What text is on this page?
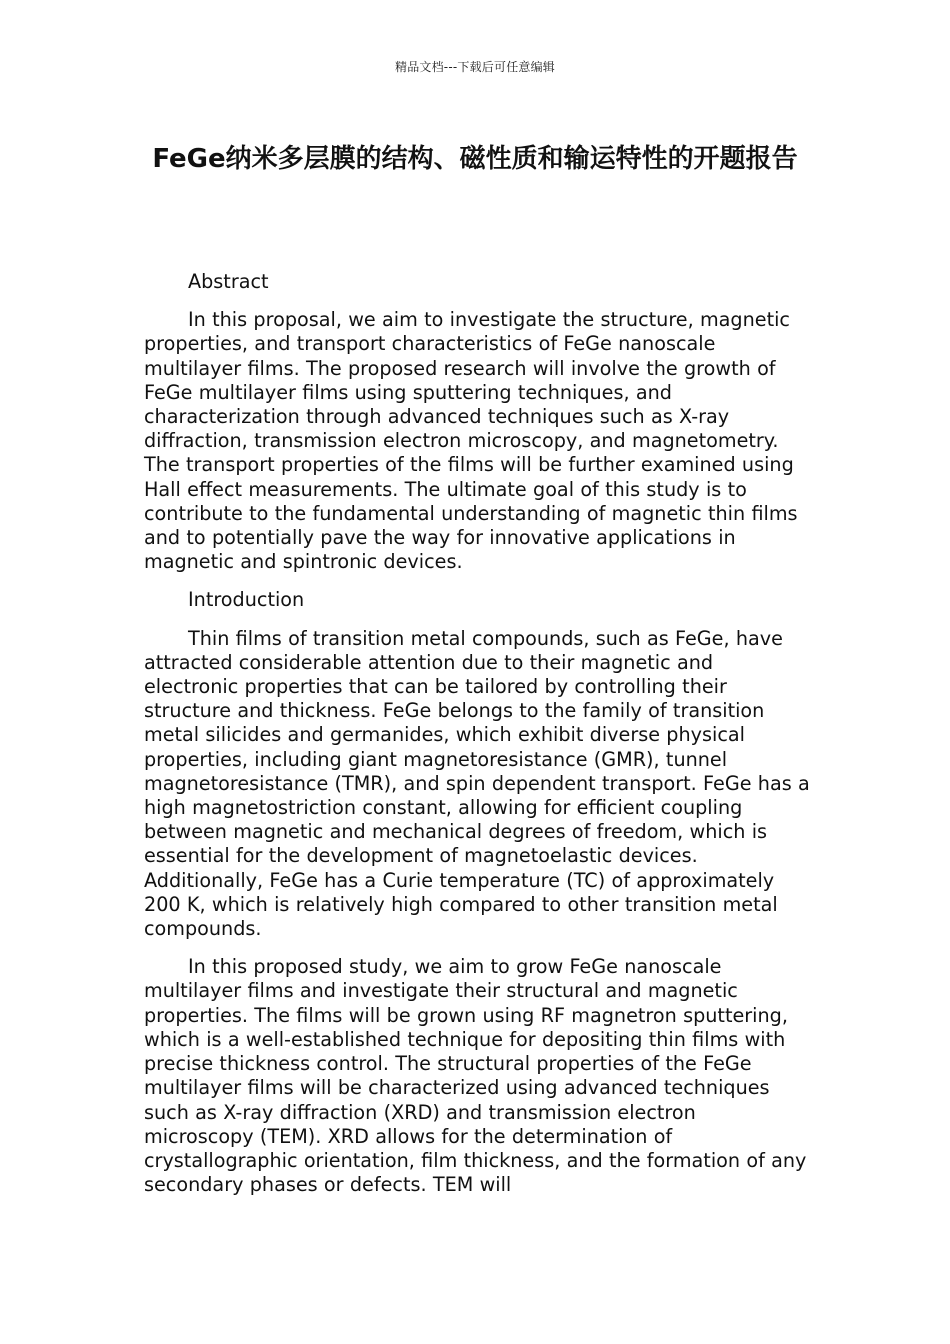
精品文档---下载后可任意编辑
FeGe纳米多层膜的结构、磁性质和输运特性的开题报告
Abstract

In this proposal, we aim to investigate the structure, magnetic properties, and transport characteristics of FeGe nanoscale multilayer films. The proposed research will involve the growth of FeGe multilayer films using sputtering techniques, and characterization through advanced techniques such as X-ray diffraction, transmission electron microscopy, and magnetometry. The transport properties of the films will be further examined using Hall effect measurements. The ultimate goal of this study is to contribute to the fundamental understanding of magnetic thin films and to potentially pave the way for innovative applications in magnetic and spintronic devices.

Introduction

Thin films of transition metal compounds, such as FeGe, have attracted considerable attention due to their magnetic and electronic properties that can be tailored by controlling their structure and thickness. FeGe belongs to the family of transition metal silicides and germanides, which exhibit diverse physical properties, including giant magnetoresistance (GMR), tunnel magnetoresistance (TMR), and spin dependent transport. FeGe has a high magnetostriction constant, allowing for efficient coupling between magnetic and mechanical degrees of freedom, which is essential for the development of magnetoelastic devices. Additionally, FeGe has a Curie temperature (TC) of approximately 200 K, which is relatively high compared to other transition metal compounds.

In this proposed study, we aim to grow FeGe nanoscale multilayer films and investigate their structural and magnetic properties. The films will be grown using RF magnetron sputtering, which is a well-established technique for depositing thin films with precise thickness control. The structural properties of the FeGe multilayer films will be characterized using advanced techniques such as X-ray diffraction (XRD) and transmission electron microscopy (TEM). XRD allows for the determination of crystallographic orientation, film thickness, and the formation of any secondary phases or defects. TEM will
